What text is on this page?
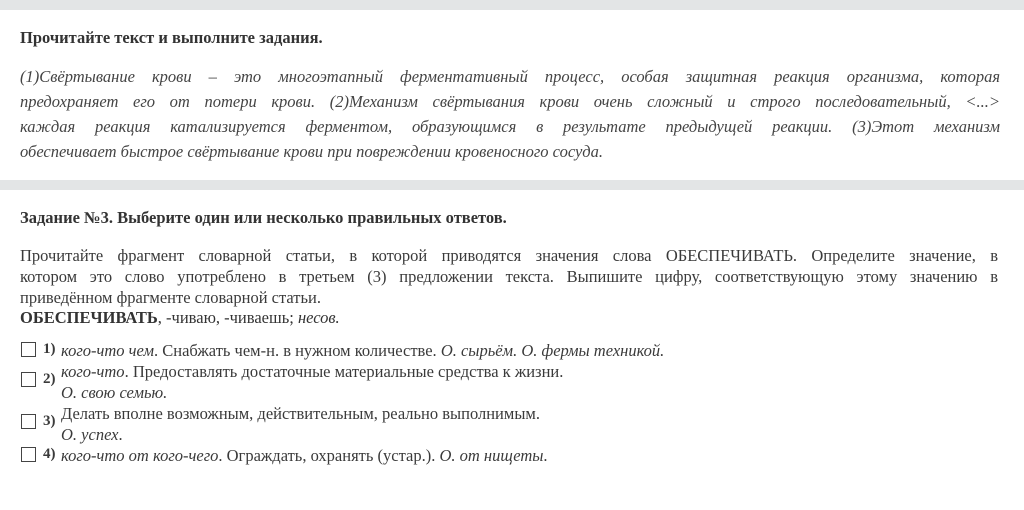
Прочитайте текст и выполните задания.
(1)Свёртывание крови – это многоэтапный ферментативный процесс, особая защитная реакция организма, которая
предохраняет его от потери крови. (2)Механизм свёртывания крови очень сложный и строго последовательный, <...>
каждая реакция катализируется ферментом, образующимся в результате предыдущей реакции. (3)Этот механизм
обеспечивает быстрое свёртывание крови при повреждении кровеносного сосуда.
Задание №3. Выберите один или несколько правильных ответов.
Прочитайте фрагмент словарной статьи, в которой приводятся значения слова ОБЕСПЕЧИВАТЬ. Определите значение, в
котором это слово употреблено в третьем (3) предложении текста. Выпишите цифру, соответствующую этому значению в
приведённом фрагменте словарной статьи.
ОБЕСПЕЧИВАТЬ, -чиваю, -чиваешь; несов.
1) кого-что чем. Снабжать чем-н. в нужном количестве. О. сырьём. О. фермы техникой.
2) кого-что. Предоставлять достаточные материальные средства к жизни.
О. свою семью.
3) Делать вполне возможным, действительным, реально выполнимым.
О. успех.
4) кого-что от кого-чего. Ограждать, охранять (устар.). О. от нищеты.
